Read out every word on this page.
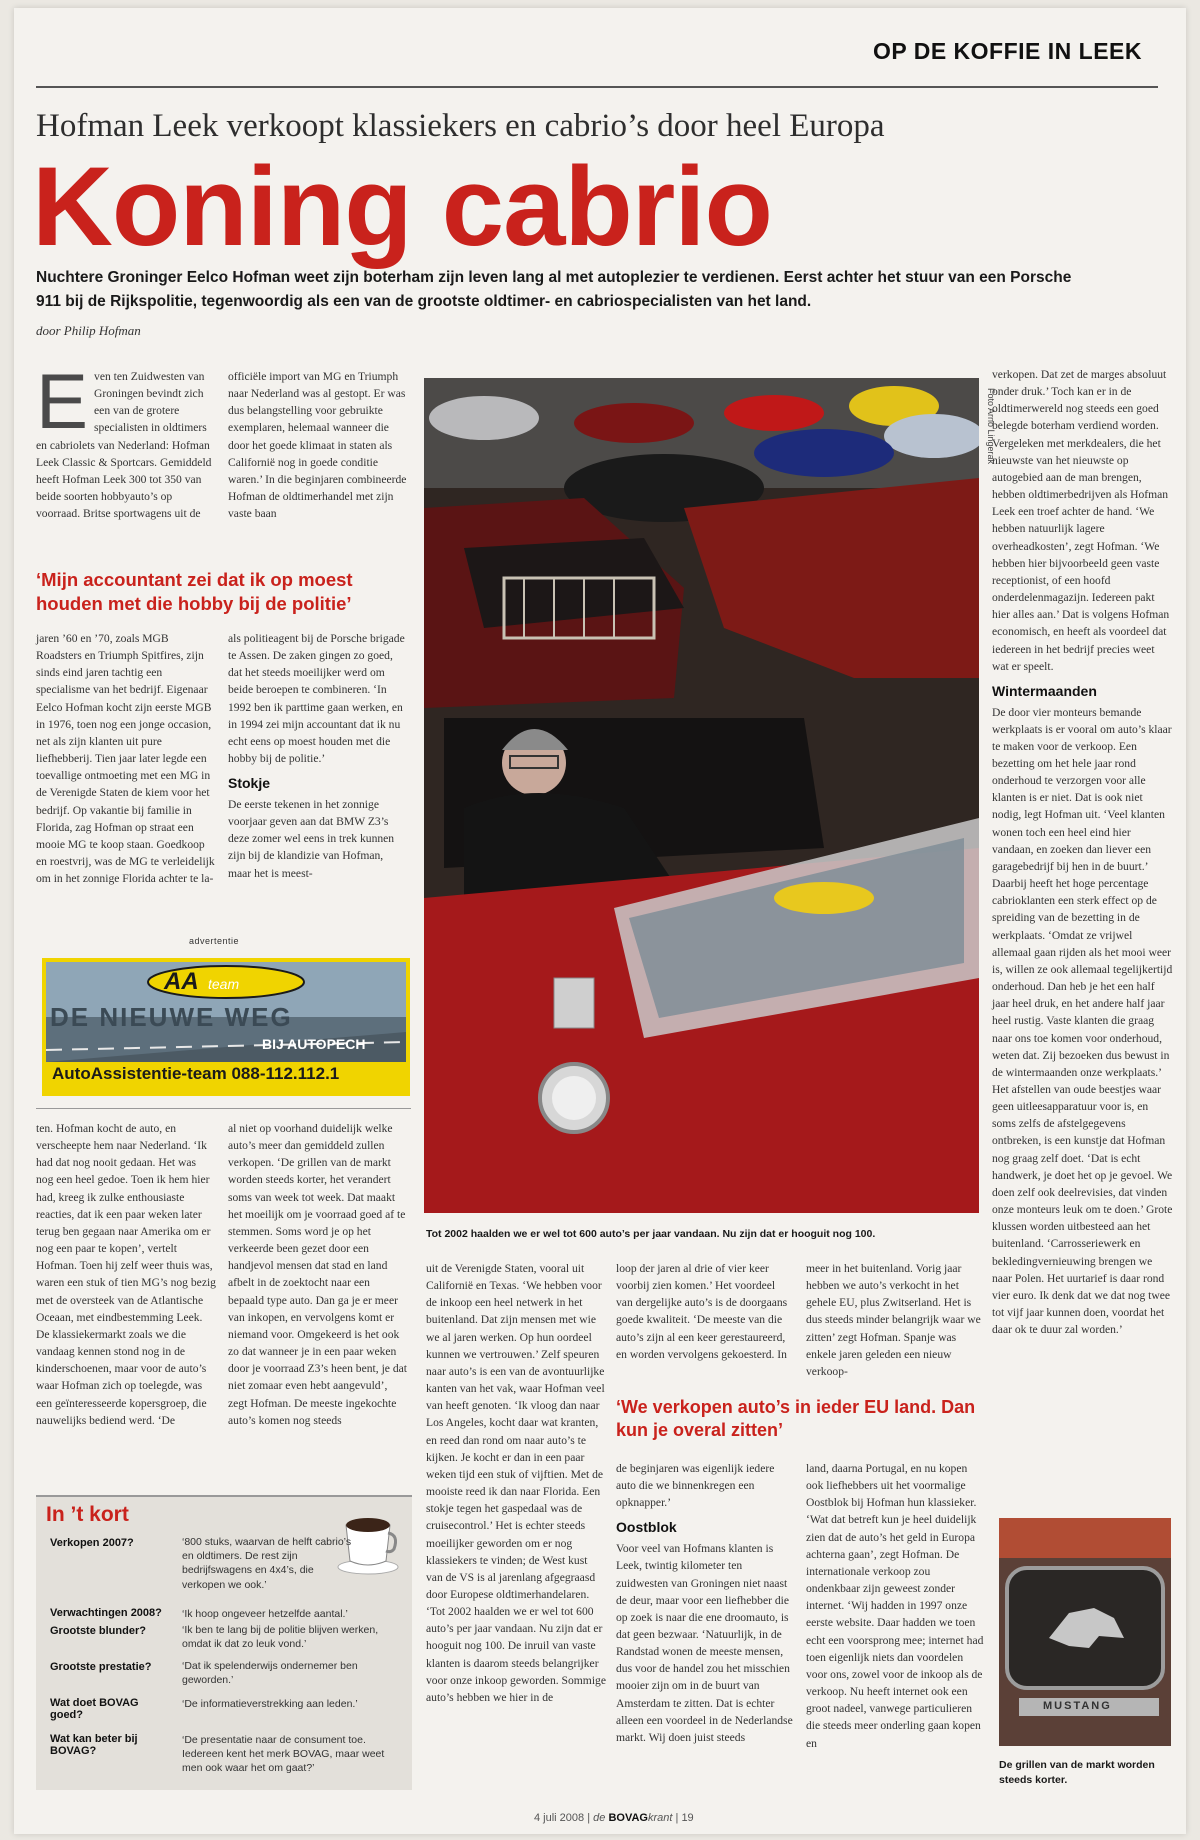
OP DE KOFFIE IN LEEK
Hofman Leek verkoopt klassiekers en cabrio’s door heel Europa
Koning cabrio
Nuchtere Groninger Eelco Hofman weet zijn boterham zijn leven lang al met autoplezier te verdienen. Eerst achter het stuur van een Porsche 911 bij de Rijkspolitie, tegenwoordig als een van de grootste oldtimer- en cabriospecialisten van het land.
door Philip Hofman
E ven ten Zuidwesten van Groningen bevindt zich een van de grotere specialisten in oldtimers en cabriolets van Nederland: Hofman Leek Classic & Sportcars. Gemiddeld heeft Hofman Leek 300 tot 350 van beide soorten hobbyauto’s op voorraad. Britse sportwagens uit de
officiële import van MG en Triumph naar Nederland was al gestopt. Er was dus belangstelling voor gebruikte exemplaren, helemaal wanneer die door het goede klimaat in staten als Californië nog in goede conditie waren.’ In die beginjaren combineerde Hofman de oldtimerhandel met zijn vaste baan
‘Mijn accountant zei dat ik op moest houden met die hobby bij de politie’
jaren ’60 en ’70, zoals MGB Roadsters en Triumph Spitfires, zijn sinds eind jaren tachtig een specialisme van het bedrijf. Eigenaar Eelco Hofman kocht zijn eerste MGB in 1976, toen nog een jonge occasion, net als zijn klanten uit pure liefhebberij. Tien jaar later legde een toevallige ontmoeting met een MG in de Verenigde Staten de kiem voor het bedrijf. Op vakantie bij familie in Florida, zag Hofman op straat een mooie MG te koop staan. Goedkoop en roestvrij, was de MG te verleidelijk om in het zonnige Florida achter te la-

als politieagent bij de Porsche brigade te Assen. De zaken gingen zo goed, dat het steeds moeilijker werd om beide beroepen te combineren. ‘In 1992 ben ik parttime gaan werken, en in 1994 zei mijn accountant dat ik nu echt eens op moest houden met die hobby bij de politie.’

Stokje

De eerste tekenen in het zonnige voorjaar geven aan dat BMW Z3’s deze zomer wel eens in trek kunnen zijn bij de klandizie van Hofman, maar het is meest-

advertentie
AA team
DE NIEUWE WEG
BIJ AUTOPECH
AutoAssistentie-team 088-112.112.1
ten. Hofman kocht de auto, en verscheepte hem naar Nederland. ‘Ik had dat nog nooit gedaan. Het was nog een heel gedoe. Toen ik hem hier had, kreeg ik zulke enthousiaste reacties, dat ik een paar weken later terug ben gegaan naar Amerika om er nog een paar te kopen’, vertelt Hofman. Toen hij zelf weer thuis was, waren een stuk of tien MG’s nog bezig met de oversteek van de Atlantische Oceaan, met eindbestemming Leek. De klassiekermarkt zoals we die vandaag kennen stond nog in de kinderschoenen, maar voor de auto’s waar Hofman zich op toelegde, was een geïnteresseerde kopersgroep, die nauwelijks bediend werd. ‘De
al niet op voorhand duidelijk welke auto’s meer dan gemiddeld zullen verkopen. ‘De grillen van de markt worden steeds korter, het verandert soms van week tot week. Dat maakt het moeilijk om je voorraad goed af te stemmen. Soms word je op het verkeerde been gezet door een handjevol mensen dat stad en land afbelt in de zoektocht naar een bepaald type auto. Dan ga je er meer van inkopen, en vervolgens komt er niemand voor. Omgekeerd is het ook zo dat wanneer je in een paar weken door je voorraad Z3’s heen bent, je dat niet zomaar even hebt aangevuld’, zegt Hofman. De meeste ingekochte auto’s komen nog steeds
In ’t kort
Verkopen 2007?	‘800 stuks, waarvan de helft cabrio’s en oldtimers. De rest zijn bedrijfswagens en 4x4’s, die verkopen we ook.’
Verwachtingen 2008? ‘Ik hoop ongeveer hetzelfde aantal.’
Grootste blunder?	‘Ik ben te lang bij de politie blijven werken, omdat ik dat zo leuk vond.’
Grootste prestatie?	‘Dat ik spelenderwijs ondernemer ben geworden.’
Wat doet BOVAG goed?
‘De informatieverstrekking aan leden.’
Wat kan beter bij BOVAG?
‘De presentatie naar de consument toe. Iedereen kent het merk BOVAG, maar weet men ook waar het om gaat?’
Foto Arno Lingerak
Tot 2002 haalden we er wel tot 600 auto’s per jaar vandaan. Nu zijn dat er hooguit nog 100.
uit de Verenigde Staten, vooral uit Californië en Texas. ‘We hebben voor de inkoop een heel netwerk in het buitenland. Dat zijn mensen met wie we al jaren werken. Op hun oordeel kunnen we vertrouwen.’ Zelf speuren naar auto’s is een van de avontuurlijke kanten van het vak, waar Hofman veel van heeft genoten. ‘Ik vloog dan naar Los Angeles, kocht daar wat kranten, en reed dan rond om naar auto’s te kijken. Je kocht er dan in een paar weken tijd een stuk of vijftien. Met de mooiste reed ik dan naar Florida. Een stokje tegen het gaspedaal was de cruisecontrol.’ Het is echter steeds moeilijker geworden om er nog klassiekers te vinden; de West kust van de VS is al jarenlang afgegraasd door Europese oldtimerhandelaren. ‘Tot 2002 haalden we er wel tot 600 auto’s per jaar vandaan. Nu zijn dat er hooguit nog 100. De inruil van vaste klanten is daarom steeds belangrijker voor onze inkoop geworden. Sommige auto’s hebben we hier in de
loop der jaren al drie of vier keer voorbij zien komen.’ Het voordeel van dergelijke auto’s is de doorgaans goede kwaliteit. ‘De meeste van die auto’s zijn al een keer gerestaureerd, en worden vervolgens gekoesterd. In
meer in het buitenland. Vorig jaar hebben we auto’s verkocht in het gehele EU, plus Zwitserland. Het is dus steeds minder belangrijk waar we zitten’ zegt Hofman. Spanje was enkele jaren geleden een nieuw verkoop-
‘We verkopen auto’s in ieder EU land. Dan kun je overal zitten’

de beginjaren was eigenlijk iedere auto die we binnenkregen een opknapper.’

Oostblok

Voor veel van Hofmans klanten is Leek, twintig kilometer ten zuidwesten van Groningen niet naast de deur, maar voor een liefhebber die op zoek is naar die ene droomauto, is dat geen bezwaar. ‘Natuurlijk, in de Randstad wonen de meeste mensen, dus voor de handel zou het misschien mooier zijn om in de buurt van Amsterdam te zitten. Dat is echter alleen een voordeel in de Nederlandse markt. Wij doen juist steeds

land, daarna Portugal, en nu kopen ook liefhebbers uit het voormalige Oostblok bij Hofman hun klassieker. ‘Wat dat betreft kun je heel duidelijk zien dat de auto’s het geld in Europa achterna gaan’, zegt Hofman. De internationale verkoop zou ondenkbaar zijn geweest zonder internet. ‘Wij hadden in 1997 onze eerste website. Daar hadden we toen echt een voorsprong mee; internet had toen eigenlijk niets dan voordelen voor ons, zowel voor de inkoop als de verkoop. Nu heeft internet ook een groot nadeel, vanwege particulieren die steeds meer onderling gaan kopen en

verkopen. Dat zet de marges absoluut onder druk.’ Toch kan er in de oldtimerwereld nog steeds een goed belegde boterham verdiend worden. Vergeleken met merkdealers, die het nieuwste van het nieuwste op autogebied aan de man brengen, hebben oldtimerbedrijven als Hofman Leek een troef achter de hand. ‘We hebben natuurlijk lagere overheadkosten’, zegt Hofman. ‘We hebben hier bijvoorbeeld geen vaste receptionist, of een hoofd onderdelenmagazijn. Iedereen pakt hier alles aan.’ Dat is volgens Hofman economisch, en heeft als voordeel dat iedereen in het bedrijf precies weet wat er speelt.

Wintermaanden

De door vier monteurs bemande werkplaats is er vooral om auto’s klaar te maken voor de verkoop. Een bezetting om het hele jaar rond onderhoud te verzorgen voor alle klanten is er niet. Dat is ook niet nodig, legt Hofman uit. ‘Veel klanten wonen toch een heel eind hier vandaan, en zoeken dan liever een garagebedrijf bij hen in de buurt.’ Daarbij heeft het hoge percentage cabrioklanten een sterk effect op de spreiding van de bezetting in de werkplaats. ‘Omdat ze vrijwel allemaal gaan rijden als het mooi weer is, willen ze ook allemaal tegelijkertijd onderhoud. Dan heb je het een half jaar heel druk, en het andere half jaar heel rustig. Vaste klanten die graag naar ons toe komen voor onderhoud, weten dat. Zij bezoeken dus bewust in de wintermaanden onze werkplaats.’ Het afstellen van oude beestjes waar geen uitleesapparatuur voor is, en soms zelfs de afstelgegevens ontbreken, is een kunstje dat Hofman nog graag zelf doet. ‘Dat is echt handwerk, je doet het op je gevoel. We doen zelf ook deelrevisies, dat vinden onze monteurs leuk om te doen.’ Grote klussen worden uitbesteed aan het buitenland. ‘Carrosseriewerk en bekledingvernieuwing brengen we naar Polen. Het uurtarief is daar rond vier euro. Ik denk dat we dat nog twee tot vijf jaar kunnen doen, voordat het daar ok te duur zal worden.’

MUSTANG
De grillen van de markt worden steeds korter.
4 juli 2008 | de BOVAGkrant | 19
